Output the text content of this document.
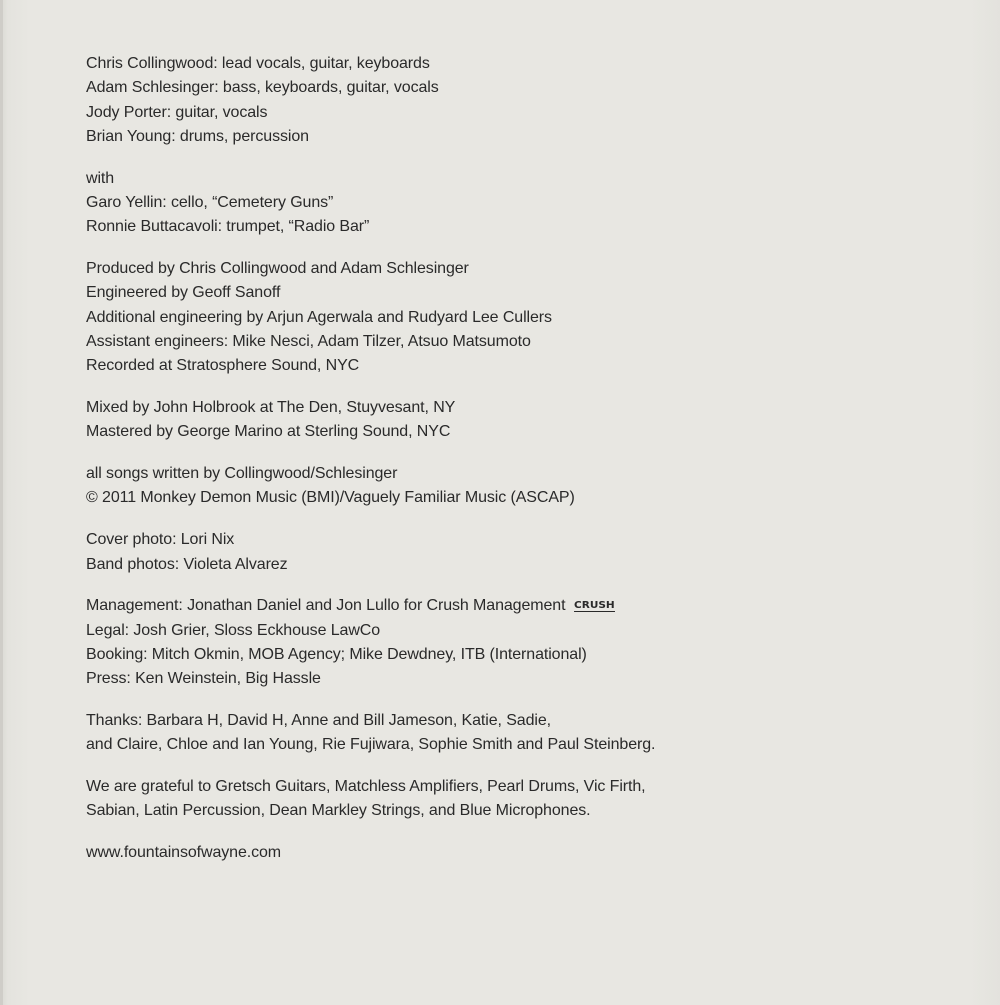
Chris Collingwood: lead vocals, guitar, keyboards
Adam Schlesinger: bass, keyboards, guitar, vocals
Jody Porter: guitar, vocals
Brian Young: drums, percussion
with
Garo Yellin: cello, “Cemetery Guns”
Ronnie Buttacavoli: trumpet, “Radio Bar”
Produced by Chris Collingwood and Adam Schlesinger
Engineered by Geoff Sanoff
Additional engineering by Arjun Agerwala and Rudyard Lee Cullers
Assistant engineers: Mike Nesci, Adam Tilzer, Atsuo Matsumoto
Recorded at Stratosphere Sound, NYC
Mixed by John Holbrook at The Den, Stuyvesant, NY
Mastered by George Marino at Sterling Sound, NYC
all songs written by Collingwood/Schlesinger
© 2011 Monkey Demon Music (BMI)/Vaguely Familiar Music (ASCAP)
Cover photo: Lori Nix
Band photos: Violeta Alvarez
Management: Jonathan Daniel and Jon Lullo for Crush Management CRUSH
Legal: Josh Grier, Sloss Eckhouse LawCo
Booking: Mitch Okmin, MOB Agency; Mike Dewdney, ITB (International)
Press: Ken Weinstein, Big Hassle
Thanks: Barbara H, David H, Anne and Bill Jameson, Katie, Sadie,
and Claire, Chloe and Ian Young, Rie Fujiwara, Sophie Smith and Paul Steinberg.
We are grateful to Gretsch Guitars, Matchless Amplifiers, Pearl Drums, Vic Firth,
Sabian, Latin Percussion, Dean Markley Strings, and Blue Microphones.
www.fountainsofwayne.com
